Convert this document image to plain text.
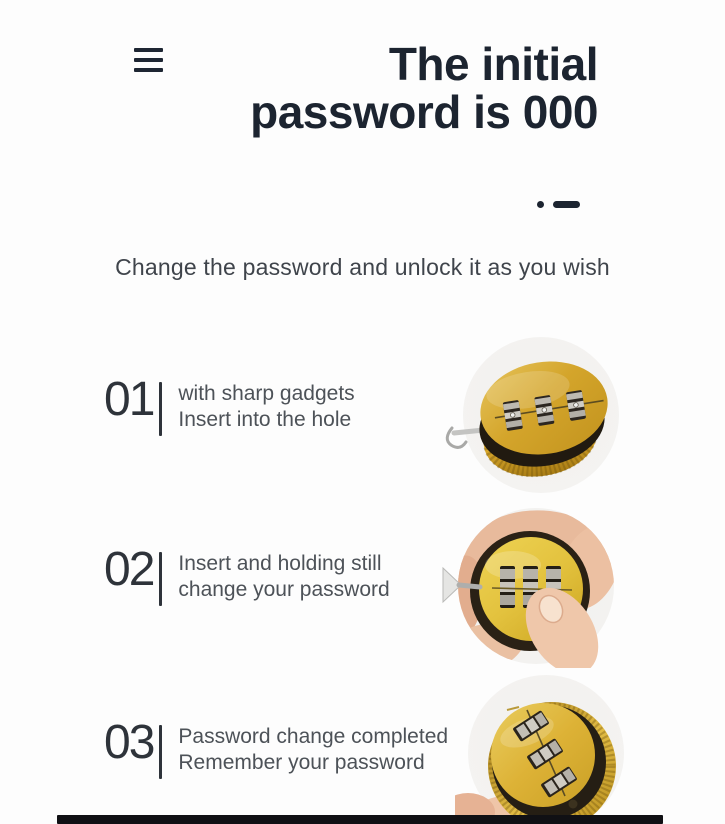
The initial
password is 000
Change the password and unlock it as you wish
01 with sharp gadgets
Insert into the hole
02 Insert and holding still
change your password
03 Password change completed
Remember your password
